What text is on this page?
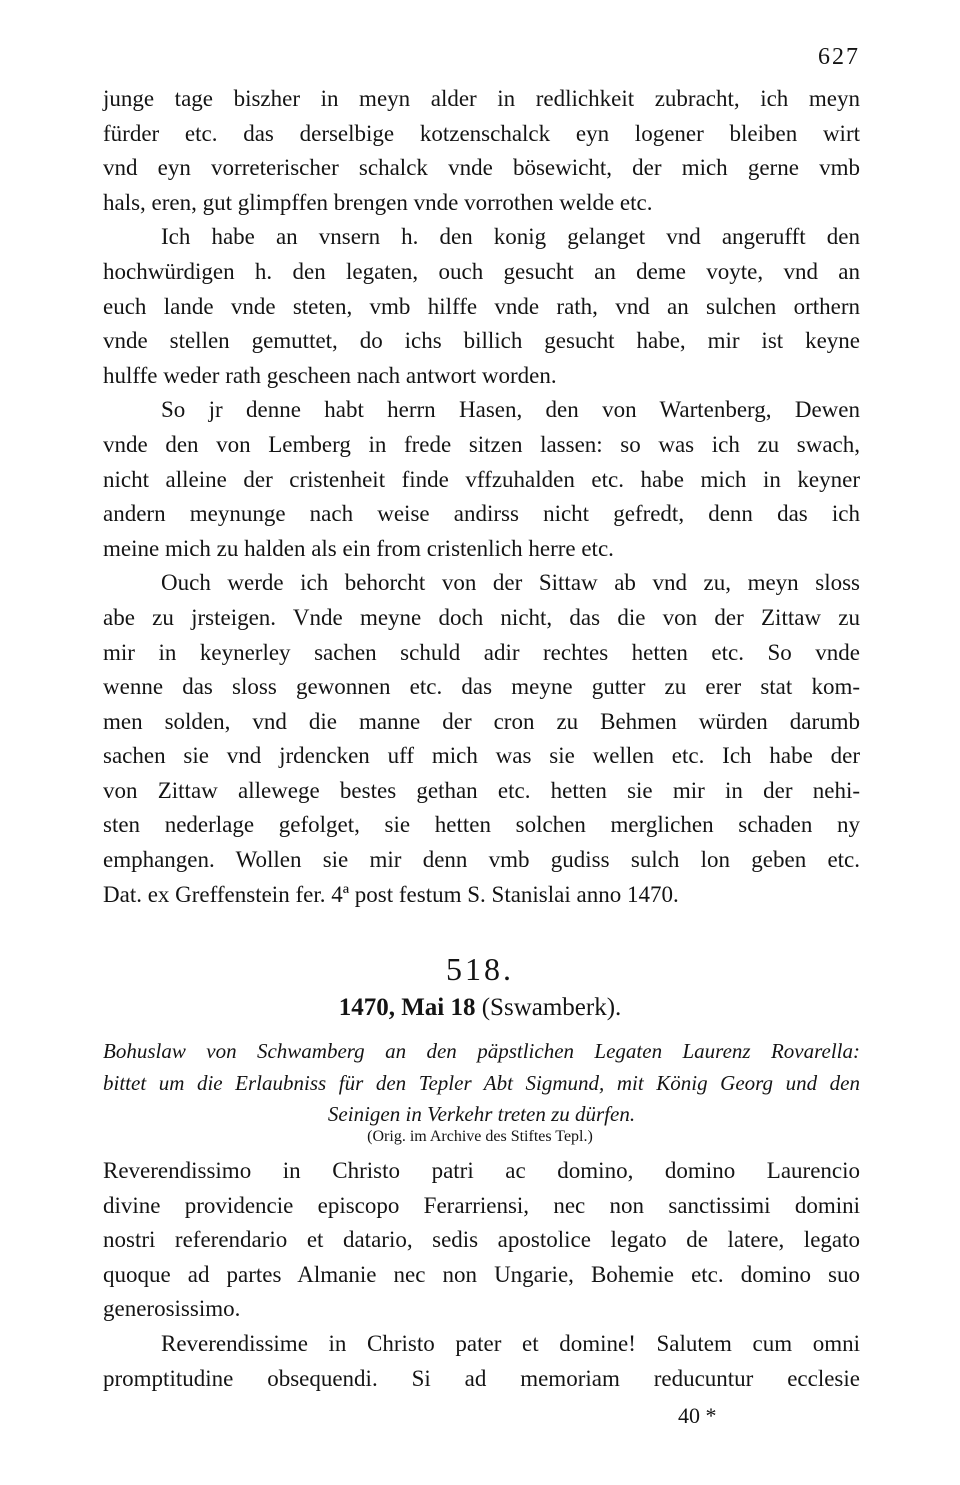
627
junge tage biszher in meyn alder in redlichkeit zubracht, ich meyn
fürder etc. das derselbige kotzenschalck eyn logener bleiben wirt
vnd eyn vorreterischer schalck vnde bösewicht, der mich gerne vmb
hals, eren, gut glimpffen brengen vnde vorrothen welde etc.
Ich habe an vnsern h. den konig gelanget vnd angerufft den
hochwürdigen h. den legaten, ouch gesucht an deme voyte, vnd an
euch lande vnde steten, vmb hilffe vnde rath, vnd an sulchen orthern
vnde stellen gemuttet, do ichs billich gesucht habe, mir ist keyne
hulffe weder rath gescheen nach antwort worden.
So jr denne habt herrn Hasen, den von Wartenberg, Dewen
vnde den von Lemberg in frede sitzen lassen: so was ich zu swach,
nicht alleine der cristenheit finde vffzuhalden etc. habe mich in keyner
andern meynunge nach weise andirss nicht gefredt, denn das ich
meine mich zu halden als ein from cristenlich herre etc.
Ouch werde ich behorcht von der Sittaw ab vnd zu, meyn sloss
abe zu jrsteigen. Vnde meyne doch nicht, das die von der Zittaw zu
mir in keynerley sachen schuld adir rechtes hetten etc. So vnde
wenne das sloss gewonnen etc. das meyne gutter zu erer stat kom-
men solden, vnd die manne der cron zu Behmen würden darumb
sachen sie vnd jrdencken uff mich was sie wellen etc. Ich habe der
von Zittaw allewege bestes gethan etc. hetten sie mir in der nehi-
sten nederlage gefolget, sie hetten solchen merglichen schaden ny
emphangen. Wollen sie mir denn vmb gudiss sulch lon geben etc.
Dat. ex Greffenstein fer. 4ª post festum S. Stanislai anno 1470.
518.
1470, Mai 18 (Sswamberk).
Bohuslaw von Schwamberg an den päpstlichen Legaten Laurenz Rovarella:
bittet um die Erlaubniss für den Tepler Abt Sigmund, mit König Georg und den
Seinigen in Verkehr treten zu dürfen.
(Orig. im Archive des Stiftes Tepl.)
Reverendissimo in Christo patri ac domino, domino Laurencio
divine providencie episcopo Ferarriensi, nec non sanctissimi domini
nostri referendario et datario, sedis apostolice legato de latere, legato
quoque ad partes Almanie nec non Ungarie, Bohemie etc. domino suo
generosissimo.
Reverendissime in Christo pater et domine! Salutem cum omni
promptitudine obsequendi. Si ad memoriam reducuntur ecclesie
40 *
